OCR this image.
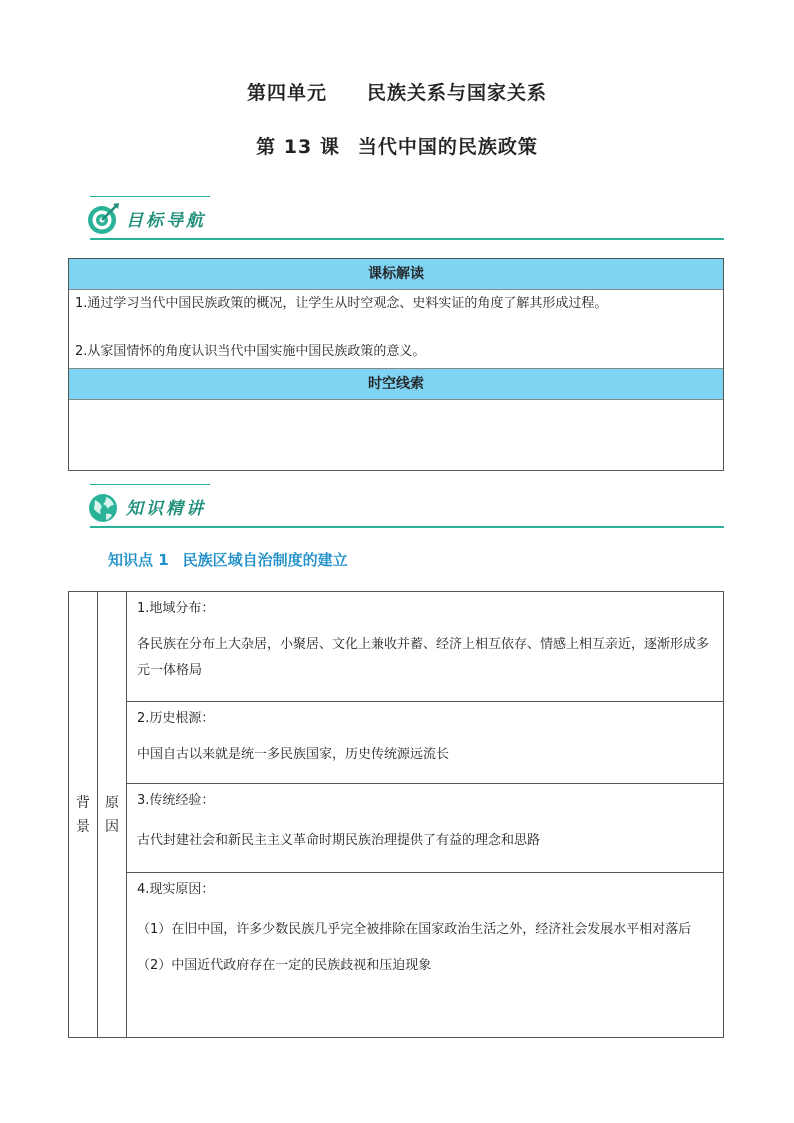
第四单元 民族关系与国家关系
第 13 课 当代中国的民族政策
目标导航
课标解读
1.通过学习当代中国民族政策的概况，让学生从时空观念、史料实证的角度了解其形成过程。
2.从家国情怀的角度认识当代中国实施中国民族政策的意义。
时空线索
知识精讲
知识点 1 民族区域自治制度的建立
背
景

原
因

1.地域分布：
各民族在分布上大杂居，小聚居、文化上兼收并蓄、经济上相互依存、情感上相互亲近，逐渐形成多元一体格局

2.历史根源：
中国自古以来就是统一多民族国家，历史传统源远流长

3.传统经验：
古代封建社会和新民主主义革命时期民族治理提供了有益的理念和思路

4.现实原因：
（1）在旧中国，许多少数民族几乎完全被排除在国家政治生活之外，经济社会发展水平相对落后
（2）中国近代政府存在一定的民族歧视和压迫现象
